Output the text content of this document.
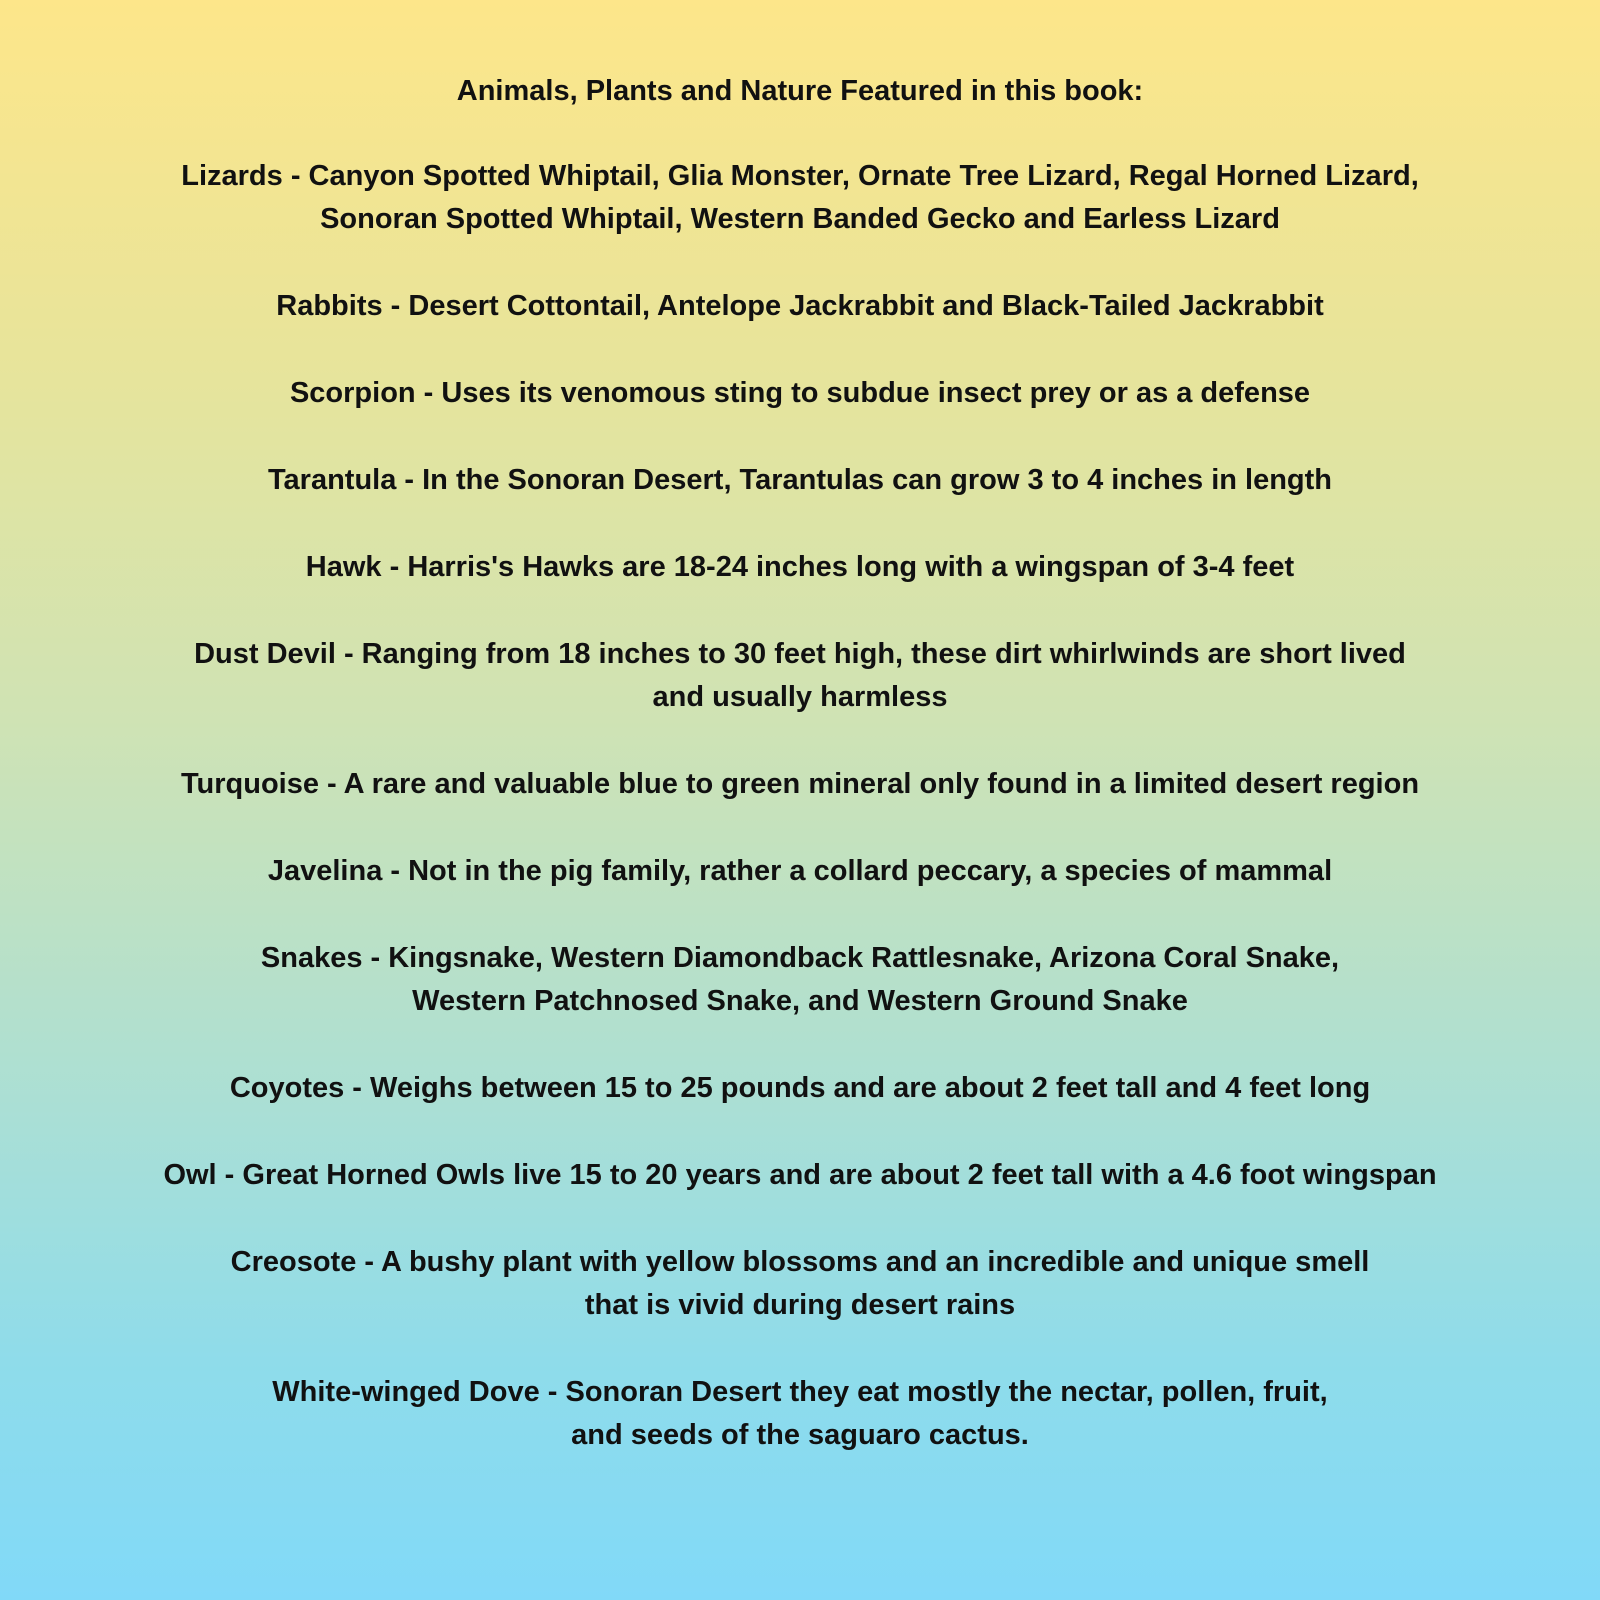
Animals, Plants and Nature Featured in this book:
Lizards - Canyon Spotted Whiptail, Glia Monster, Ornate Tree Lizard, Regal Horned Lizard,
Sonoran Spotted Whiptail, Western Banded Gecko and Earless Lizard
Rabbits - Desert Cottontail, Antelope Jackrabbit and Black-Tailed Jackrabbit
Scorpion - Uses its venomous sting to subdue insect prey or as a defense
Tarantula - In the Sonoran Desert, Tarantulas can grow 3 to 4 inches in length
Hawk - Harris's Hawks are 18-24 inches long with a wingspan of 3-4 feet
Dust Devil - Ranging from 18 inches to 30 feet high, these dirt whirlwinds are short lived
and usually harmless
Turquoise - A rare and valuable blue to green mineral only found in a limited desert region
Javelina - Not in the pig family, rather a collard peccary, a species of mammal
Snakes - Kingsnake, Western Diamondback Rattlesnake, Arizona Coral Snake,
Western Patchnosed Snake, and Western Ground Snake
Coyotes - Weighs between 15 to 25 pounds and are about 2 feet tall and 4 feet long
Owl - Great Horned Owls live 15 to 20 years and are about 2 feet tall with a 4.6 foot wingspan
Creosote - A bushy plant with yellow blossoms and an incredible and unique smell
that is vivid during desert rains
White-winged Dove - Sonoran Desert they eat mostly the nectar, pollen, fruit,
and seeds of the saguaro cactus.
